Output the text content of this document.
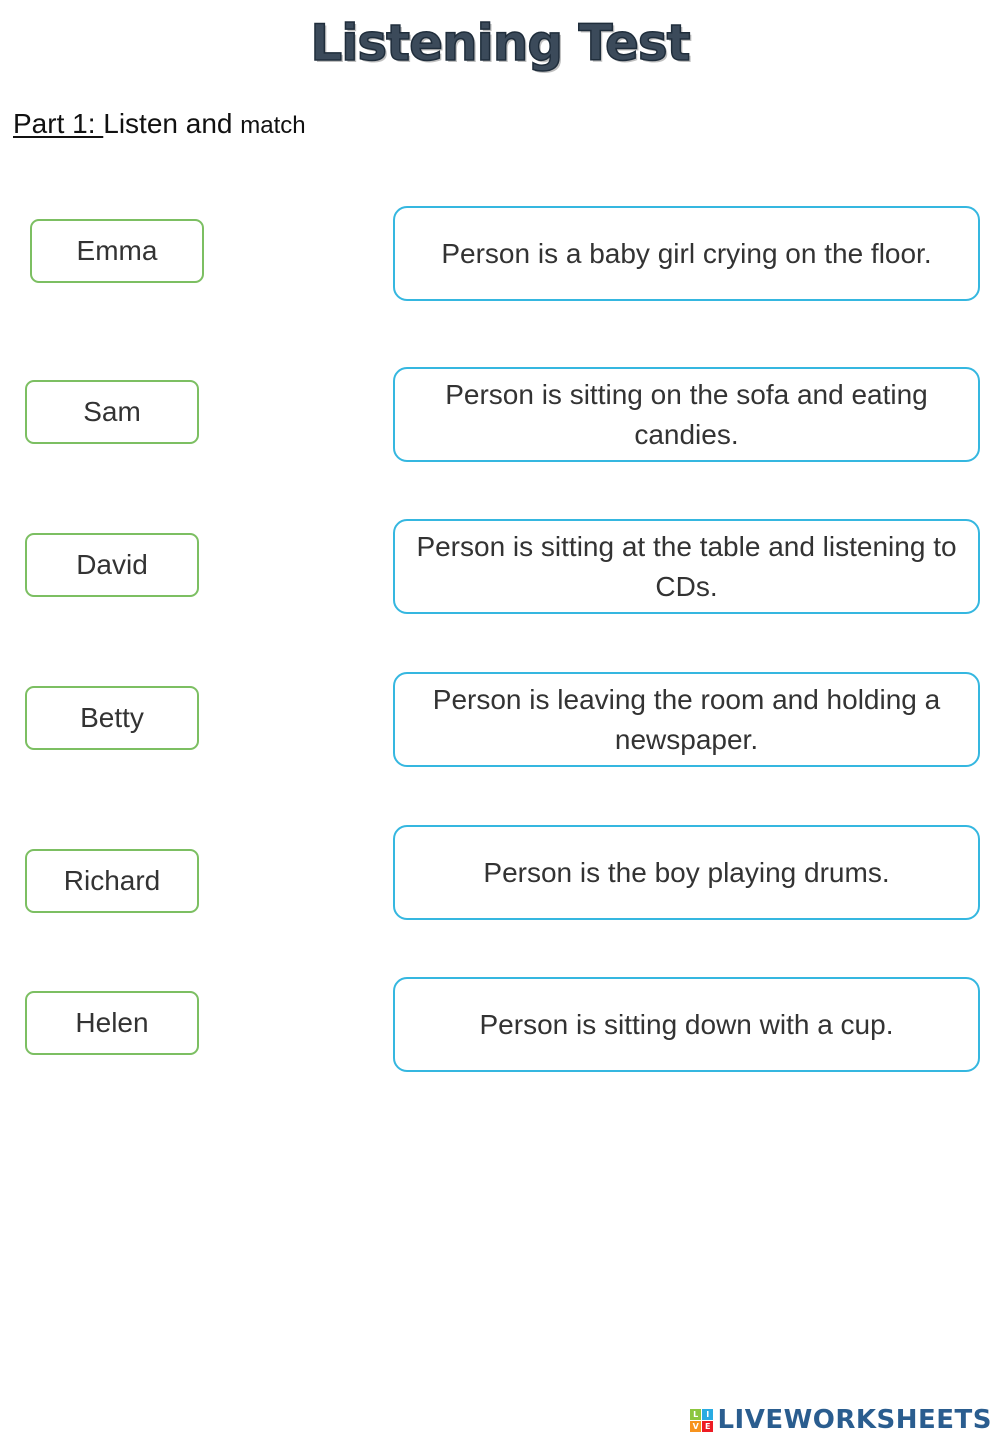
Listening Test
Part 1: Listen and match
Emma
Sam
David
Betty
Richard
Helen
Person is a baby girl crying on the floor.
Person is sitting on the sofa and eating candies.
Person is sitting at the table and listening to CDs.
Person is leaving the room and holding a newspaper.
Person is the boy playing drums.
Person is sitting down with a cup.
L I
V E LIVEWORKSHEETS
